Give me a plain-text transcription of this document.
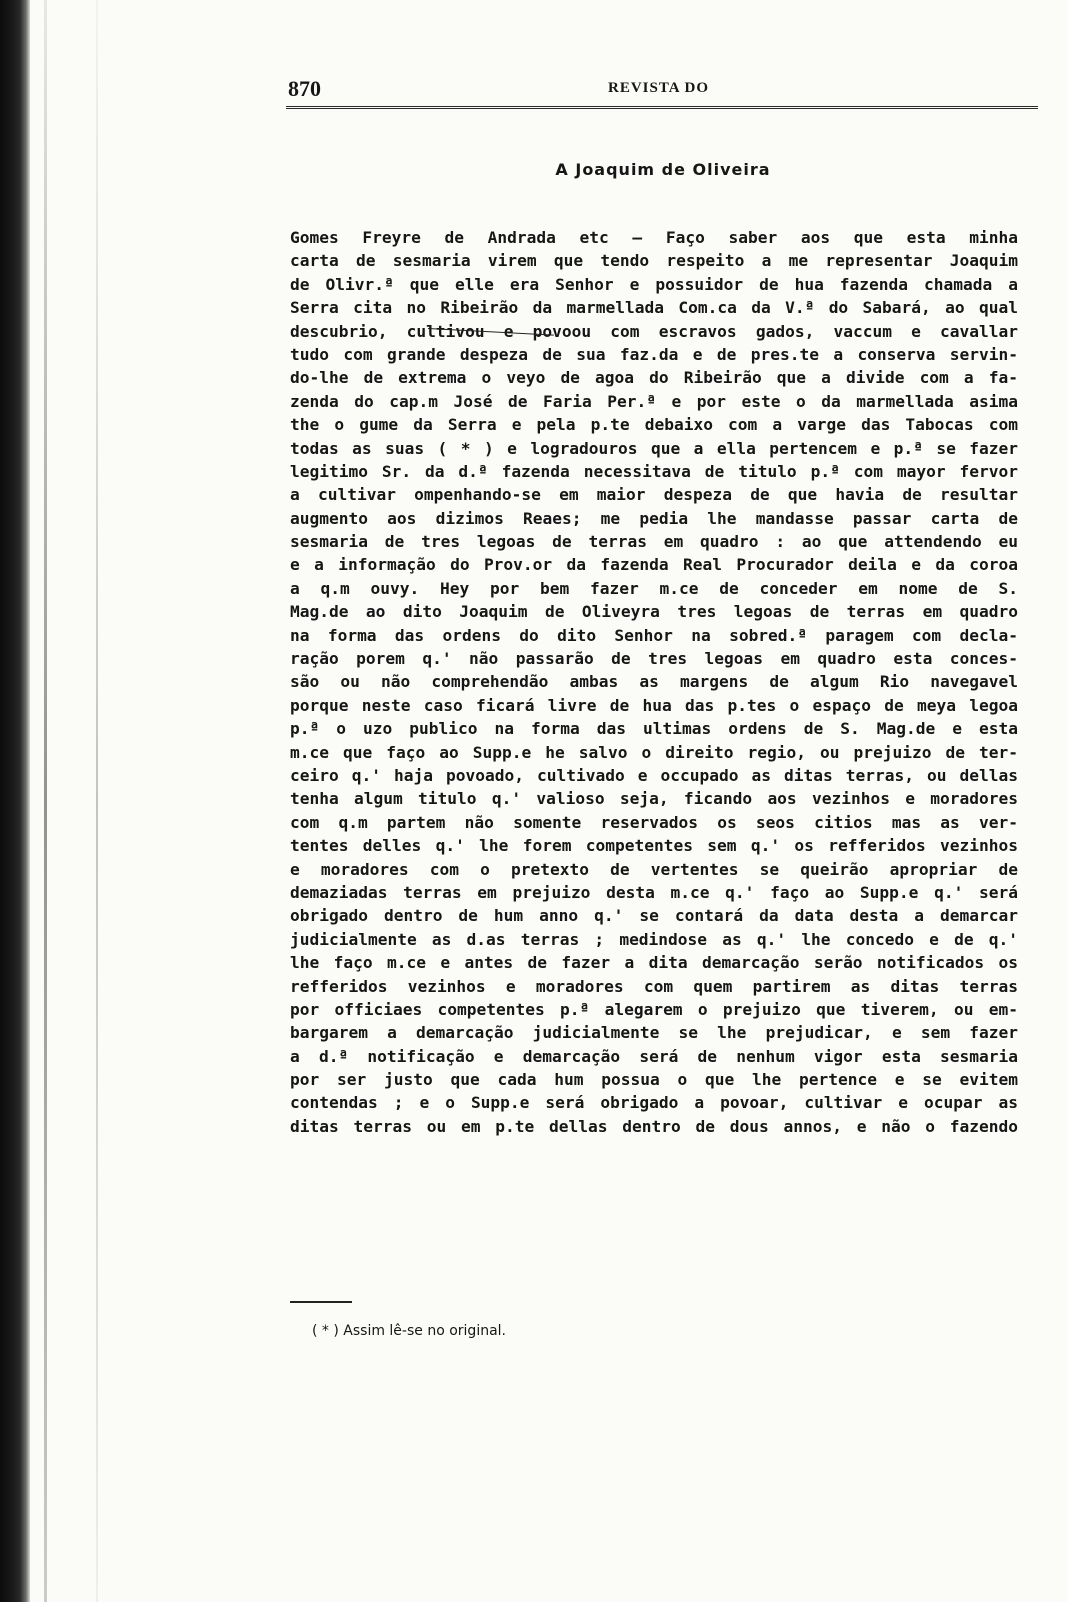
870	REVISTA DO
A Joaquim de Oliveira
Gomes Freyre de Andrada etc — Faço saber aos que esta minha
carta de sesmaria virem que tendo respeito a me representar Joaquim
de Olivr.ª que elle era Senhor e possuidor de hua fazenda chamada a
Serra cita no Ribeirão da marmellada Com.ca da V.ª do Sabará, ao qual
descubrio, cultivou e povoou com escravos gados, vaccum e cavallar
tudo com grande despeza de sua faz.da e de pres.te a conserva servin-
do-lhe de extrema o veyo de agoa do Ribeirão que a divide com a fa-
zenda do cap.m José de Faria Per.ª e por este o da marmellada asima
the o gume da Serra e pela p.te debaixo com a varge das Tabocas com
todas as suas ( * ) e logradouros que a ella pertencem e p.ª se fazer
legitimo Sr. da d.ª fazenda necessitava de titulo p.ª com mayor fervor
a cultivar ompenhando-se em maior despeza de que havia de resultar
augmento aos dizimos Reaes; me pedia lhe mandasse passar carta de
sesmaria de tres legoas de terras em quadro : ao que attendendo eu
e a informação do Prov.or da fazenda Real Procurador deila e da coroa
a q.m ouvy. Hey por bem fazer m.ce de conceder em nome de S.
Mag.de ao dito Joaquim de Oliveyra tres legoas de terras em quadro
na forma das ordens do dito Senhor na sobred.ª paragem com decla-
ração porem q.' não passarão de tres legoas em quadro esta conces-
são ou não comprehendão ambas as margens de algum Rio navegavel
porque neste caso ficará livre de hua das p.tes o espaço de meya legoa
p.ª o uzo publico na forma das ultimas ordens de S. Mag.de e esta
m.ce que faço ao Supp.e he salvo o direito regio, ou prejuizo de ter-
ceiro q.' haja povoado, cultivado e occupado as ditas terras, ou dellas
tenha algum titulo q.' valioso seja, ficando aos vezinhos e moradores
com q.m partem não somente reservados os seos citios mas as ver-
tentes delles q.' lhe forem competentes sem q.' os refferidos vezinhos
e moradores com o pretexto de vertentes se queirão apropriar de
demaziadas terras em prejuizo desta m.ce q.' faço ao Supp.e q.' será
obrigado dentro de hum anno q.' se contará da data desta a demarcar
judicialmente as d.as terras ; medindose as q.' lhe concedo e de q.'
lhe faço m.ce e antes de fazer a dita demarcação serão notificados os
refferidos vezinhos e moradores com quem partirem as ditas terras
por officiaes competentes p.ª alegarem o prejuizo que tiverem, ou em-
bargarem a demarcação judicialmente se lhe prejudicar, e sem fazer
a d.ª notificação e demarcação será de nenhum vigor esta sesmaria
por ser justo que cada hum possua o que lhe pertence e se evitem
contendas ; e o Supp.e será obrigado a povoar, cultivar e ocupar as
ditas terras ou em p.te dellas dentro de dous annos, e não o fazendo
( * ) Assim lê-se no original.
